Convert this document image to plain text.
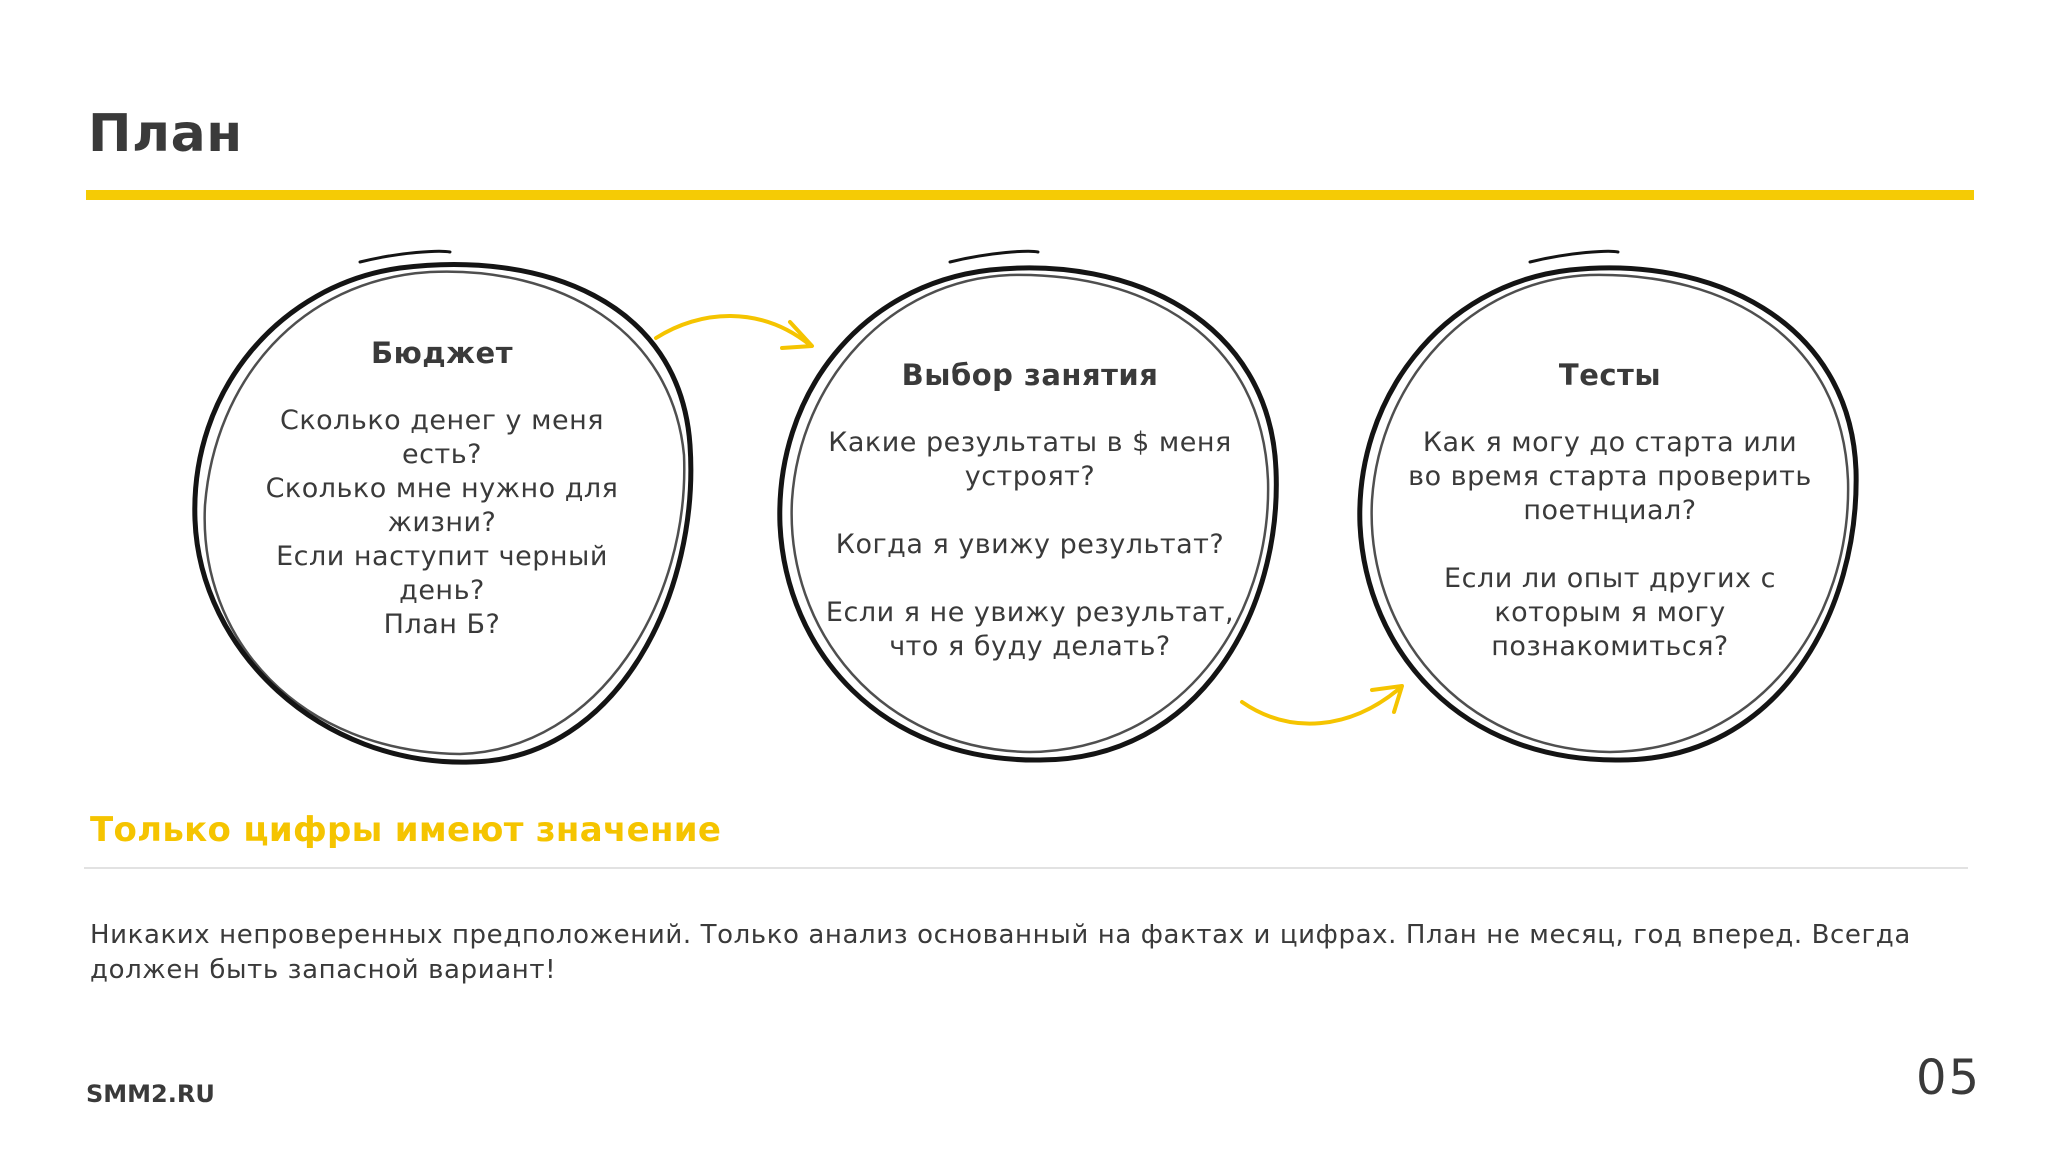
План
Бюджет
Сколько денег у меня
есть?
Сколько мне нужно для
жизни?
Если наступит черный
день?
План Б?
Выбор занятия
Какие результаты в $ меня
устроят?
Когда я увижу результат?
Если я не увижу результат,
что я буду делать?
Тесты
Как я могу до старта или
во время старта проверить
поетнциал?
Если ли опыт других с
которым я могу
познакомиться?
Только цифры имеют значение

Никаких непроверенных предположений. Только анализ основанный на фактах и цифрах. План не месяц, год вперед. Всегда должен быть запасной вариант!

SMM2.RU	05
